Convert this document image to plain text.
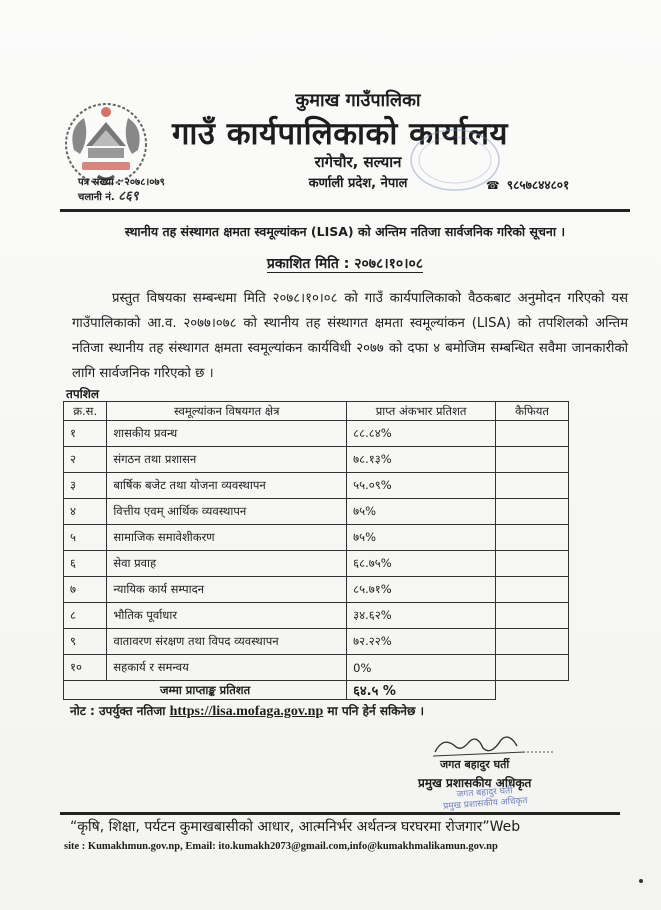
कुमाख गाउँपालिका
गाउँ कार्यपालिकाको कार्यालय
रागेचौर, सल्यान
कर्णाली प्रदेश, नेपाल
पत्र संख्या : २०७८।०७९
चलानी नं. ८६९
☎ ९८५७८४४८०१
स्थानीय तह संस्थागत क्षमता स्वमूल्यांकन (LISA) को अन्तिम नतिजा सार्वजनिक गरिको सूचना ।
प्रकाशित मिति : २०७८।१०।०८
प्रस्तुत विषयका सम्बन्धमा मिति २०७८।१०।०८ को गाउँ कार्यपालिकाको वैठकबाट अनुमोदन गरिएको यस गाउँपालिकाको आ.व. २०७७।०७८ को स्थानीय तह संस्थागत क्षमता स्वमूल्यांकन (LISA) को तपशिलको अन्तिम नतिजा स्थानीय तह संस्थागत क्षमता स्वमूल्यांकन कार्यविधी २०७७ को दफा ४ बमोजिम सम्बन्धित सवैमा जानकारीको लागि सार्वजनिक गरिएको छ ।
तपशिल
क्र.स.	स्वमूल्यांकन विषयगत क्षेत्र	प्राप्त अंकभार प्रतिशत	कैफियत
१	शासकीय प्रवन्ध	८८.८४%	
२	संगठन तथा प्रशासन	७८.१३%	
३	बार्षिक बजेट तथा योजना व्यवस्थापन	५५.०९%	
४	वित्तीय एवम् आर्थिक व्यवस्थापन	७५%	
५	सामाजिक समावेशीकरण	७५%	
६	सेवा प्रवाह	६८.७५%	
७	न्यायिक कार्य सम्पादन	८५.७१%	
८	भौतिक पूर्वाधार	३४.६२%	
९	वातावरण संरक्षण तथा विपद व्यवस्थापन	७२.२२%	
१०	सहकार्य र समन्वय	0%	
जम्मा प्राप्ताङ्क प्रतिशत		६४.५ %	
नोट : उपर्युक्त नतिजा https://lisa.mofaga.gov.np मा पनि हेर्न सकिनेछ ।
जगत बहादुर घर्ती
प्रमुख प्रशासकीय अधिकृत
जगत बहादुर घर्ती
प्रमुख प्रशासकीय अधिकृत
“कृषि, शिक्षा, पर्यटन कुमाखबासीको आधार, आत्मनिर्भर अर्थतन्त्र घरघरमा रोजगार”Web
site : Kumakhmun.gov.np, Email: ito.kumakh2073@gmail.com,info@kumakhmalikamun.gov.np
